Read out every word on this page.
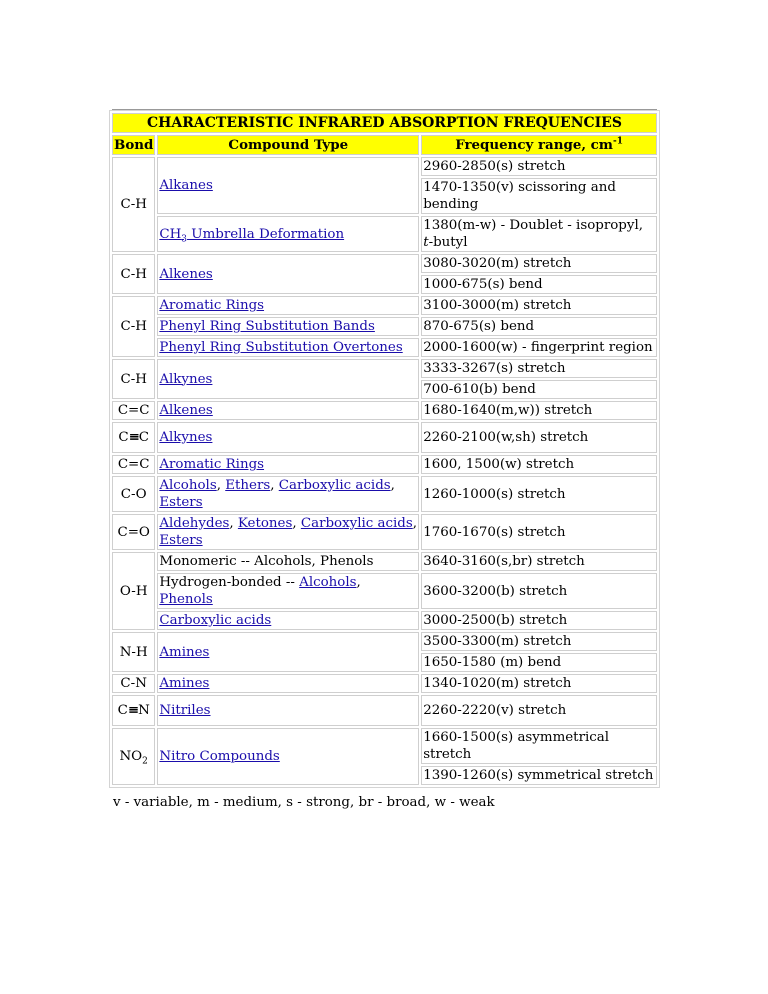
CHARACTERISTIC INFRARED ABSORPTION FREQUENCIES		
Bond	Compound Type	Frequency range, $cm^{-1}$
C-H	Alkanes	2960-2850(s) stretch
		1470-1350(v) scissoring and bending
	$CH_3$ Umbrella Deformation	1380(m-w) - Doublet - isopropyl, t-butyl
C-H	Alkenes	3080-3020(m) stretch
		1000-675(s) bend
C-H	Aromatic Rings	3100-3000(m) stretch
	Phenyl Ring Substitution Bands	870-675(s) bend
	Phenyl Ring Substitution Overtones	2000-1600(w) - fingerprint region
C-H	Alkynes	3333-3267(s) stretch
		700-610(b) bend
C=C	Alkenes	1680-1640(m,w)) stretch
C≡C	Alkynes	2260-2100(w,sh) stretch
C=C	Aromatic Rings	1600, 1500(w) stretch
C-O	Alcohols, Ethers, Carboxylic acids, Esters	1260-1000(s) stretch
C=O	Aldehydes, Ketones, Carboxylic acids, Esters	1760-1670(s) stretch
O-H	Monomeric -- Alcohols, Phenols	3640-3160(s,br) stretch
	Hydrogen-bonded -- Alcohols, Phenols	3600-3200(b) stretch
	Carboxylic acids	3000-2500(b) stretch
N-H	Amines	3500-3300(m) stretch
		1650-1580 (m) bend
C-N	Amines	1340-1020(m) stretch
C≡N	Nitriles	2260-2220(v) stretch
$NO_2$	Nitro Compounds	1660-1500(s) asymmetrical stretch
		1390-1260(s) symmetrical stretch
v - variable, m - medium, s - strong, br - broad, w - weak
